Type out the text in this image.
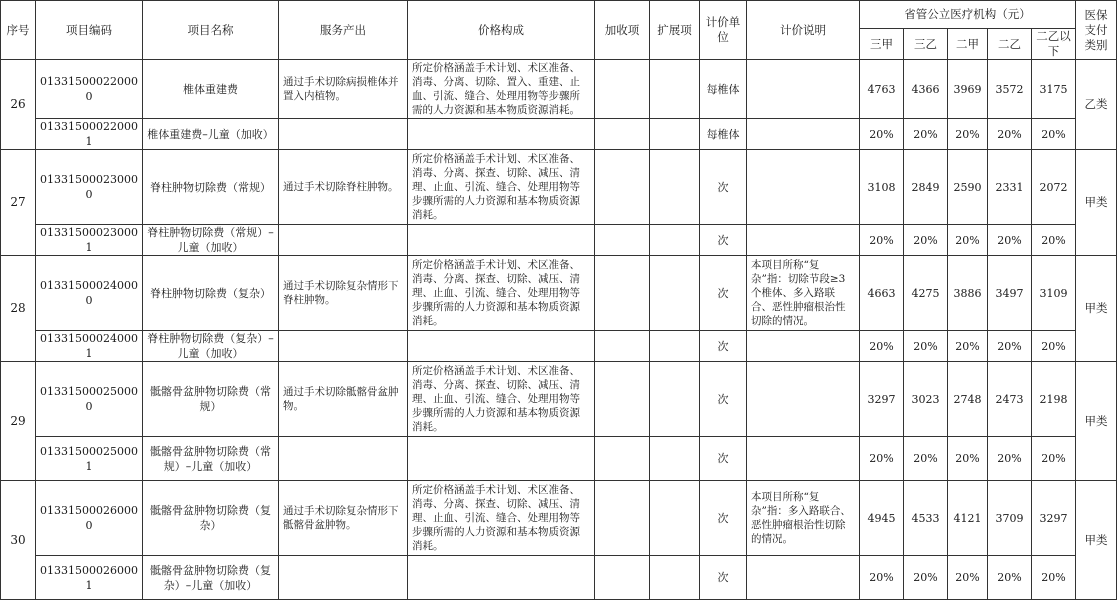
序号	项目编码	项目名称	服务产出	价格构成	加收项	扩展项	计价单位	计价说明	省管公立医疗机构（元）					医保支付类别
									三甲	三乙	二甲	二乙	二乙以下	
26	013315000220000	椎体重建费	通过手术切除病损椎体并置入内植物。	所定价格涵盖手术计划、术区准备、消毒、分离、切除、置入、重建、止血、引流、缝合、处理用物等步骤所需的人力资源和基本物质资源消耗。			每椎体		4763	4366	3969	3572	3175	乙类
	013315000220001	椎体重建费–儿童（加收）					每椎体		20%	20%	20%	20%	20%	
27	013315000230000	脊柱肿物切除费（常规）	通过手术切除脊柱肿物。	所定价格涵盖手术计划、术区准备、消毒、分离、探查、切除、减压、清理、止血、引流、缝合、处理用物等步骤所需的人力资源和基本物质资源消耗。			次		3108	2849	2590	2331	2072	甲类
	013315000230001	脊柱肿物切除费（常规）–儿童（加收）					次		20%	20%	20%	20%	20%	
28	013315000240000	脊柱肿物切除费（复杂）	通过手术切除复杂情形下脊柱肿物。	所定价格涵盖手术计划、术区准备、消毒、分离、探查、切除、减压、清理、止血、引流、缝合、处理用物等步骤所需的人力资源和基本物质资源消耗。			次	本项目所称“复杂”指：切除节段≥3个椎体、多入路联合、恶性肿瘤根治性切除的情况。	4663	4275	3886	3497	3109	甲类
	013315000240001	脊柱肿物切除费（复杂）–儿童（加收）					次		20%	20%	20%	20%	20%	
29	013315000250000	骶髂骨盆肿物切除费（常规）	通过手术切除骶髂骨盆肿物。	所定价格涵盖手术计划、术区准备、消毒、分离、探查、切除、减压、清理、止血、引流、缝合、处理用物等步骤所需的人力资源和基本物质资源消耗。			次		3297	3023	2748	2473	2198	甲类
	013315000250001	骶髂骨盆肿物切除费（常规）–儿童（加收）					次		20%	20%	20%	20%	20%	
30	013315000260000	骶髂骨盆肿物切除费（复杂）	通过手术切除复杂情形下骶髂骨盆肿物。	所定价格涵盖手术计划、术区准备、消毒、分离、探查、切除、减压、清理、止血、引流、缝合、处理用物等步骤所需的人力资源和基本物质资源消耗。			次	本项目所称“复杂”指：多入路联合、恶性肿瘤根治性切除的情况。	4945	4533	4121	3709	3297	甲类
	013315000260001	骶髂骨盆肿物切除费（复杂）–儿童（加收）					次		20%	20%	20%	20%	20%	
